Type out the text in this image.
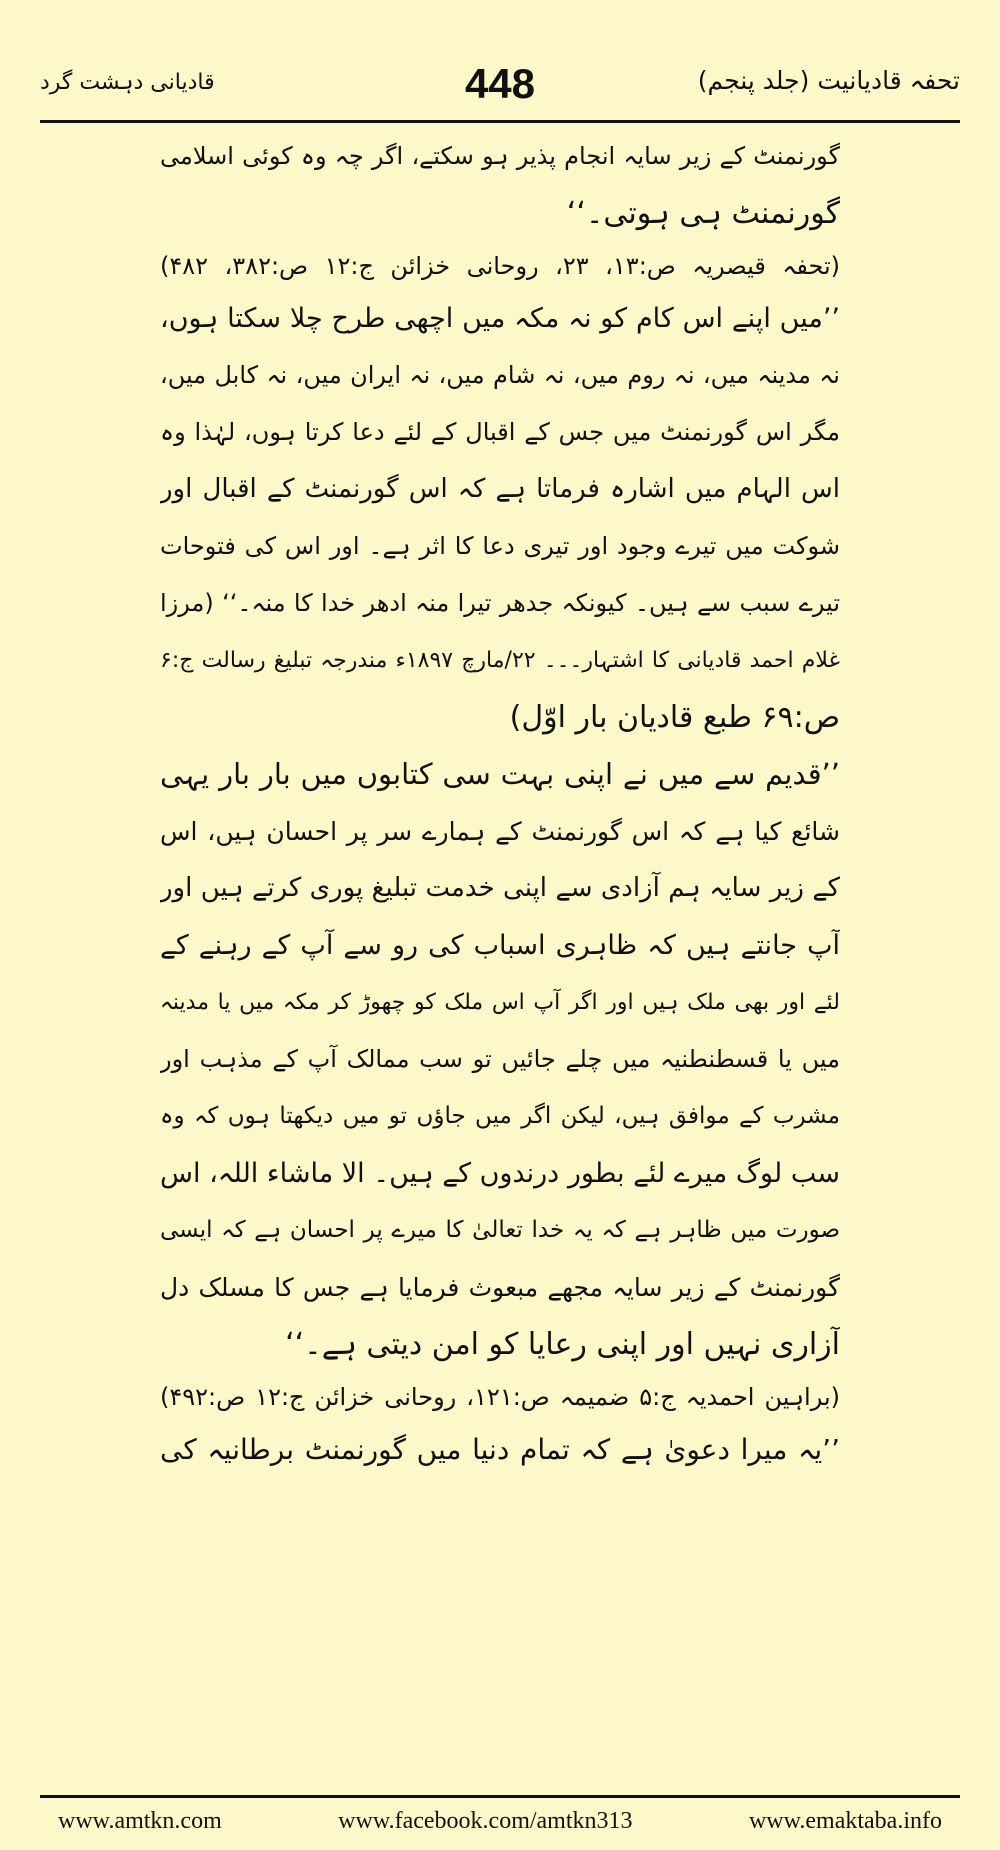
تحفہ قادیانیت (جلد پنجم)
448
قادیانی دہشت گرد
گورنمنٹ کے زیر سایہ انجام پذیر ہو سکتے، اگر چہ وہ کوئی اسلامی
گورنمنٹ ہی ہوتی۔‘‘
(تحفہ قیصریہ ص:۱۳، ۲۳، روحانی خزائن ج:۱۲ ص:۳۸۲، ۴۸۲)
’’میں اپنے اس کام کو نہ مکہ میں اچھی طرح چلا سکتا ہوں،
نہ مدینہ میں، نہ روم میں، نہ شام میں، نہ ایران میں، نہ کابل میں،
مگر اس گورنمنٹ میں جس کے اقبال کے لئے دعا کرتا ہوں، لہٰذا وہ
اس الہام میں اشارہ فرماتا ہے کہ اس گورنمنٹ کے اقبال اور
شوکت میں تیرے وجود اور تیری دعا کا اثر ہے۔ اور اس کی فتوحات
تیرے سبب سے ہیں۔ کیونکہ جدھر تیرا منہ ادھر خدا کا منہ۔‘‘ (مرزا
غلام احمد قادیانی کا اشتہار۔۔۔ ۲۲/مارچ ۱۸۹۷ء مندرجہ تبلیغ رسالت ج:۶
ص:۶۹ طبع قادیان بار اوّل)
’’قدیم سے میں نے اپنی بہت سی کتابوں میں بار بار یہی
شائع کیا ہے کہ اس گورنمنٹ کے ہمارے سر پر احسان ہیں، اس
کے زیر سایہ ہم آزادی سے اپنی خدمت تبلیغ پوری کرتے ہیں اور
آپ جانتے ہیں کہ ظاہری اسباب کی رو سے آپ کے رہنے کے
لئے اور بھی ملک ہیں اور اگر آپ اس ملک کو چھوڑ کر مکہ میں یا مدینہ
میں یا قسطنطنیہ میں چلے جائیں تو سب ممالک آپ کے مذہب اور
مشرب کے موافق ہیں، لیکن اگر میں جاؤں تو میں دیکھتا ہوں کہ وہ
سب لوگ میرے لئے بطور درندوں کے ہیں۔ الا ماشاء اللہ، اس
صورت میں ظاہر ہے کہ یہ خدا تعالیٰ کا میرے پر احسان ہے کہ ایسی
گورنمنٹ کے زیر سایہ مجھے مبعوث فرمایا ہے جس کا مسلک دل
آزاری نہیں اور اپنی رعایا کو امن دیتی ہے۔‘‘
(براہین احمدیہ ج:۵ ضمیمہ ص:۱۲۱، روحانی خزائن ج:۱۲ ص:۴۹۲)
’’یہ میرا دعویٰ ہے کہ تمام دنیا میں گورنمنٹ برطانیہ کی
www.amtkn.com	www.facebook.com/amtkn313	www.emaktaba.info
